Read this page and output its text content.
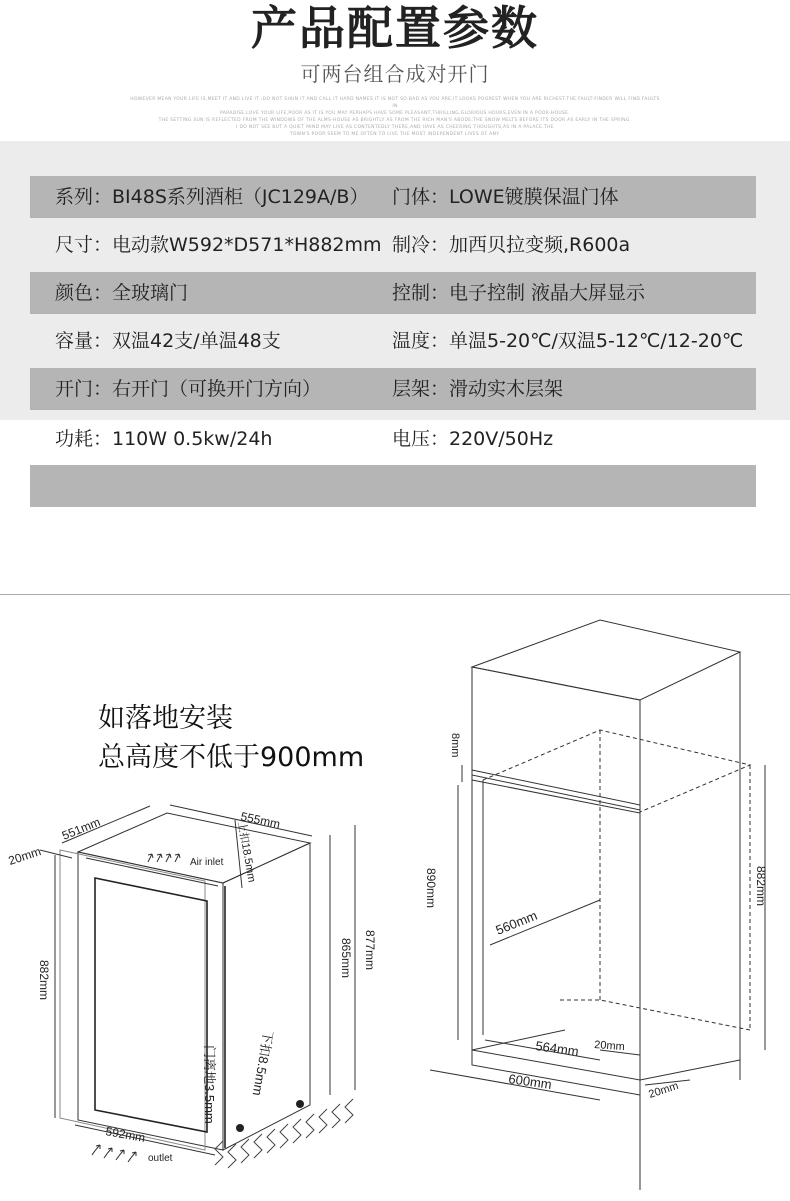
产品配置参数
可两台组合成对开门
HOWEVER MEAN YOUR LIFE IS,MEET IT AND LIVE IT ;DO NOT SHUN IT AND CALL IT HARD NAMES.IT IS NOT SO BAD AS YOU ARE,IT LOOKS POOREST WHEN YOU ARE RICHEST.THE FAULT-FINDER WILL FIND FAULTS IN
PARADISE.LOVE YOUR LIFE,POOR AS IT IS.YOU MAY PERHAPS HAVE SOME PLEASANT,THRILLING,GLORIOUS HOURS,EVEN IN A POOR-HOUSE.
THE SETTING SUN IS REFLECTED FROM THE WINDOWS OF THE ALMS-HOUSE AS BRIGHTLY AS FROM THE RICH MAN'S ABODE;THE SNOW MELTS BEFORE ITS DOOR AS EARLY IN THE SPRING.
I DO NOT SEE BUT A QUIET MIND MAY LIVE AS CONTENTEDLY THERE,AND HAVE AS CHEERING THOUGHTS,AS IN A PALACE.THE
TOWN'S POOR SEEM TO ME OFTEN TO LIVE THE MOST INDEPENDENT LIVES OF ANY.
系列：BI48S系列酒柜（JC129A/B） 门体：LOWE镀膜保温门体
尺寸：电动款W592*D571*H882mm 制冷：加西贝拉变频,R600a
颜色：全玻璃门	控制：电子控制 液晶大屏显示
容量：双温42支/单温48支	温度：单温5-20℃/双温5-12℃/12-20℃
开门：右开门（可换开门方向）	层架：滑动实木层架
功耗：110W 0.5kw/24h	电压：220V/50Hz
如落地安装
总高度不低于900mm
Air inlet
outlet
551mm	555mm
20mm	上扣18.5mm
882mm
865mm 877mm
门离地3.5mm	下扣8.5mm
592mm
8mm
890mm
560mm
882mm
564mm 20mm
600mm	20mm
